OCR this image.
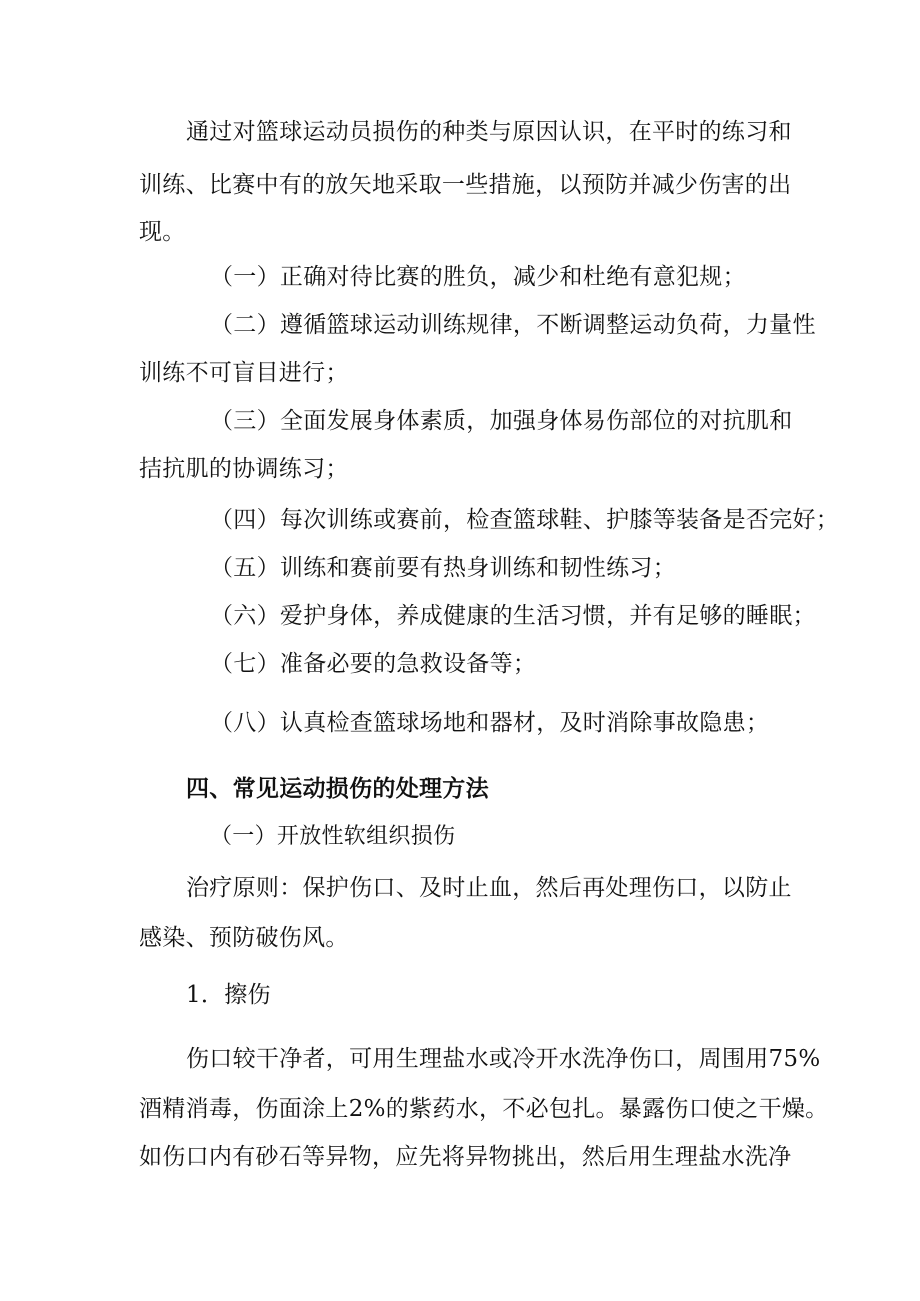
通过对篮球运动员损伤的种类与原因认识，在平时的练习和
训练、比赛中有的放矢地采取一些措施，以预防并减少伤害的出
现。
（一）正确对待比赛的胜负，减少和杜绝有意犯规；
（二）遵循篮球运动训练规律，不断调整运动负荷，力量性
训练不可盲目进行；
（三）全面发展身体素质，加强身体易伤部位的对抗肌和
拮抗肌的协调练习；
（四）每次训练或赛前，检查篮球鞋、护膝等装备是否完好；
（五）训练和赛前要有热身训练和韧性练习；
（六）爱护身体，养成健康的生活习惯，并有足够的睡眠；
（七）准备必要的急救设备等；
（八）认真检查篮球场地和器材，及时消除事故隐患；
四、常见运动损伤的处理方法
（一）开放性软组织损伤
治疗原则：保护伤口、及时止血，然后再处理伤口，以防止
感染、预防破伤风。
1．擦伤
伤口较干净者，可用生理盐水或冷开水洗净伤口，周围用75%
酒精消毒，伤面涂上2%的紫药水，不必包扎。暴露伤口使之干燥。
如伤口内有砂石等异物，应先将异物挑出，然后用生理盐水洗净
